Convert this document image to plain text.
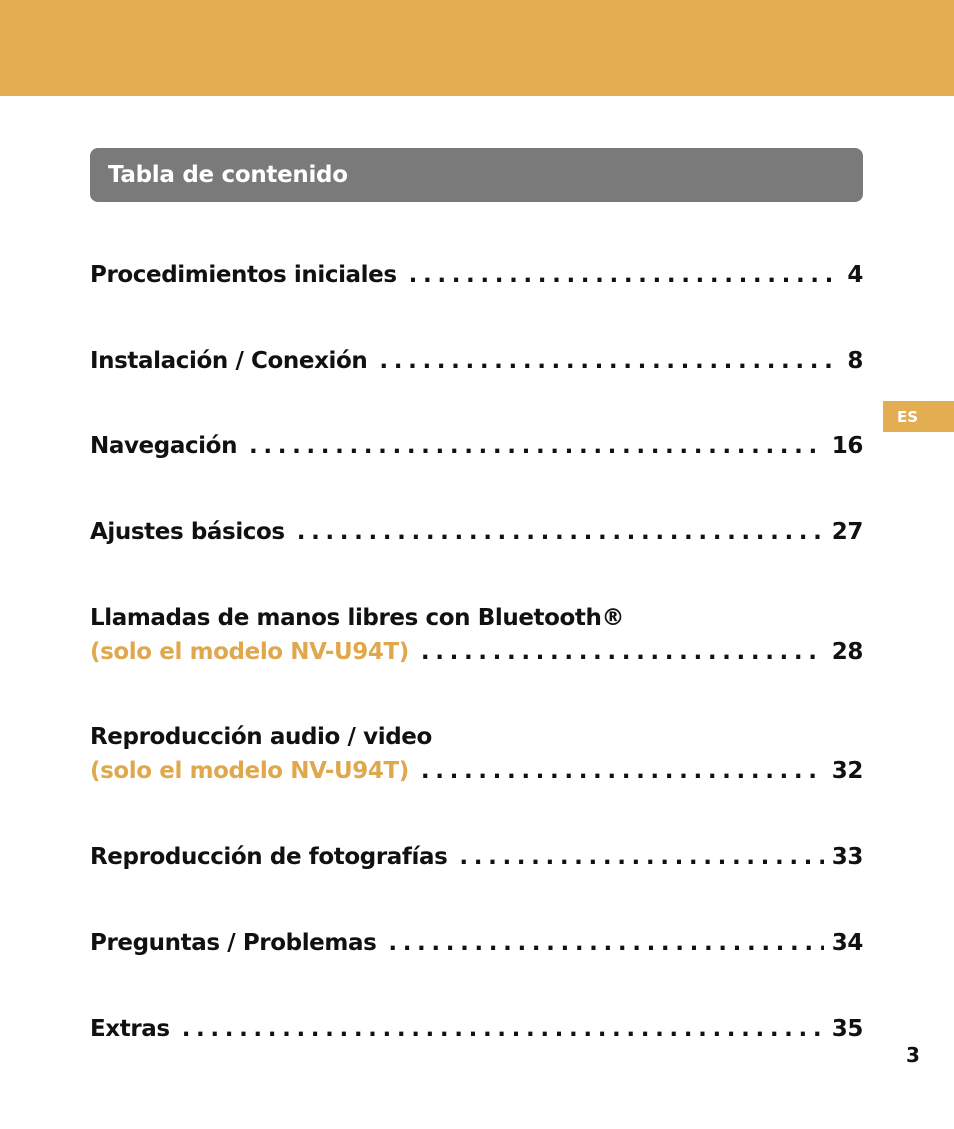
Tabla de contenido
ES
Procedimientos iniciales . . .	4
Instalación / Conexión . . .	8
Navegación . . .	16
Ajustes básicos . . .	27
Llamadas de manos libres con Bluetooth®
(solo el modelo NV-U94T) . . .	28
Reproducción audio / video
(solo el modelo NV-U94T) . . .	32
Reproducción de fotografías . . .	33
Preguntas / Problemas . . .	34
Extras . . .	35
3
